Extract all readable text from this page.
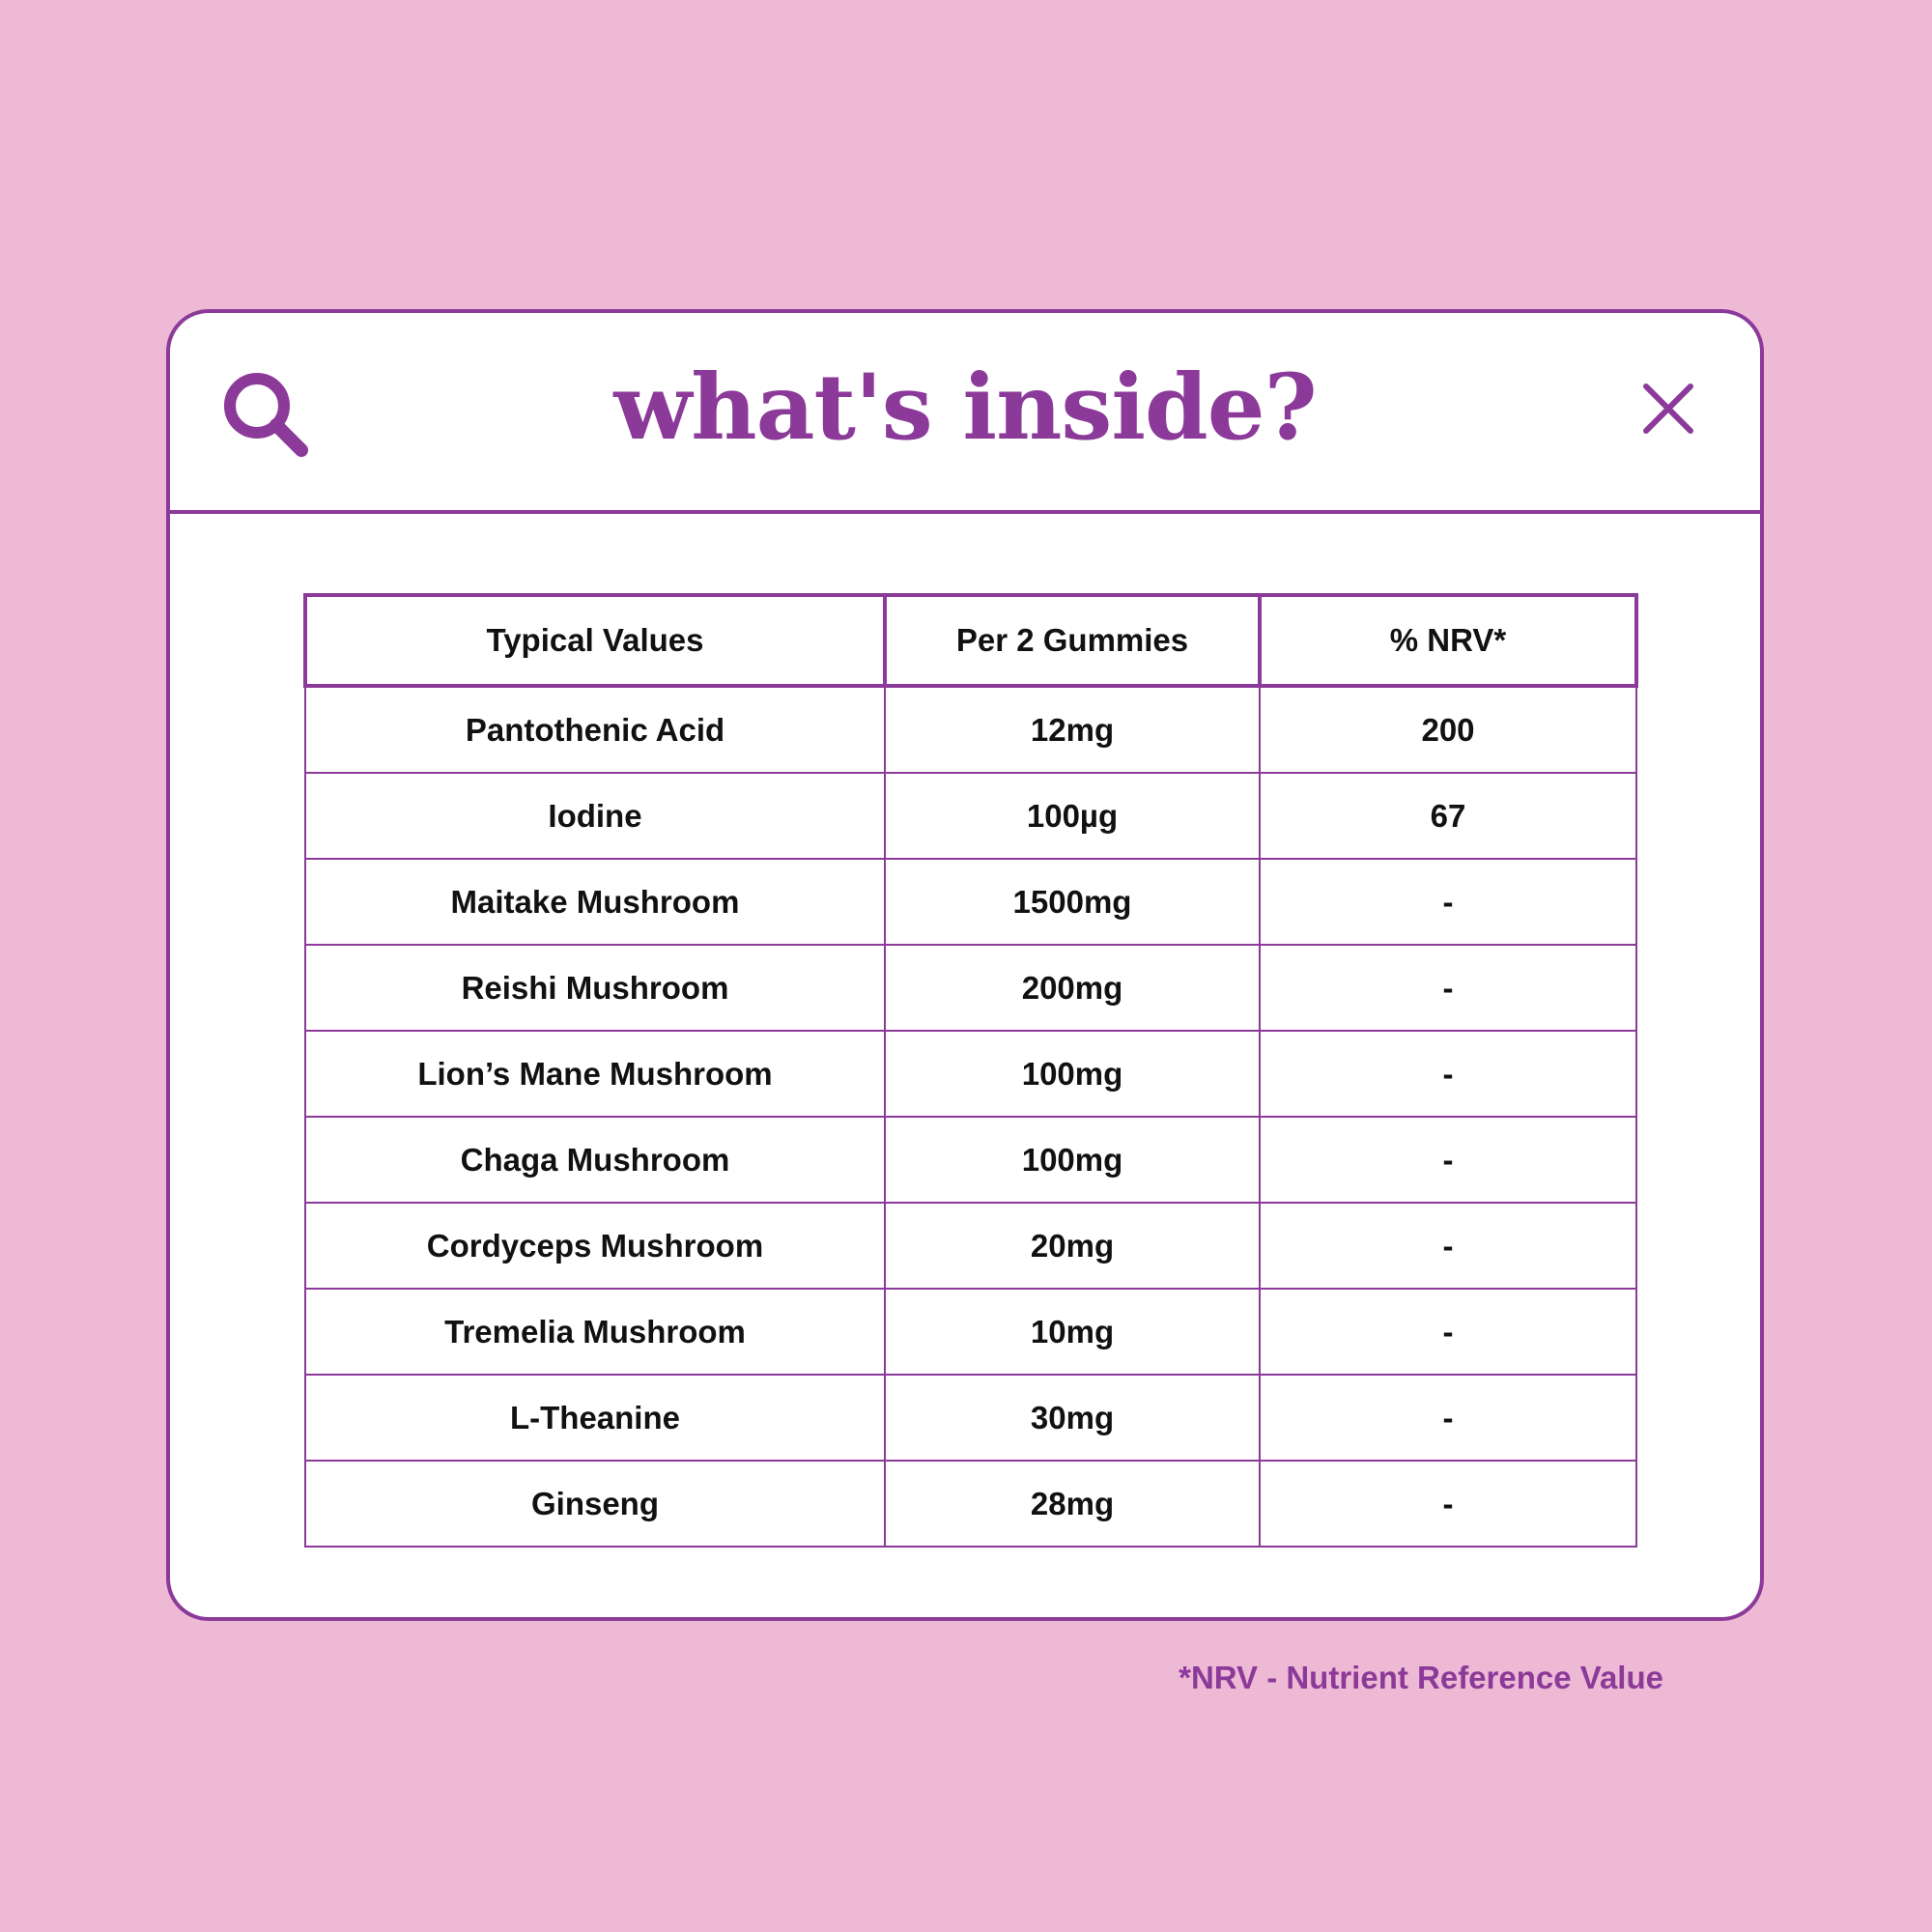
what's inside?
Typical Values	Per 2 Gummies	% NRV*
Pantothenic Acid	12mg	200
Iodine	100µg	67
Maitake Mushroom	1500mg	-
Reishi Mushroom	200mg	-
Lion’s Mane Mushroom	100mg	-
Chaga Mushroom	100mg	-
Cordyceps Mushroom	20mg	-
Tremelia Mushroom	10mg	-
L-Theanine	30mg	-
Ginseng	28mg	-
*NRV - Nutrient Reference Value
